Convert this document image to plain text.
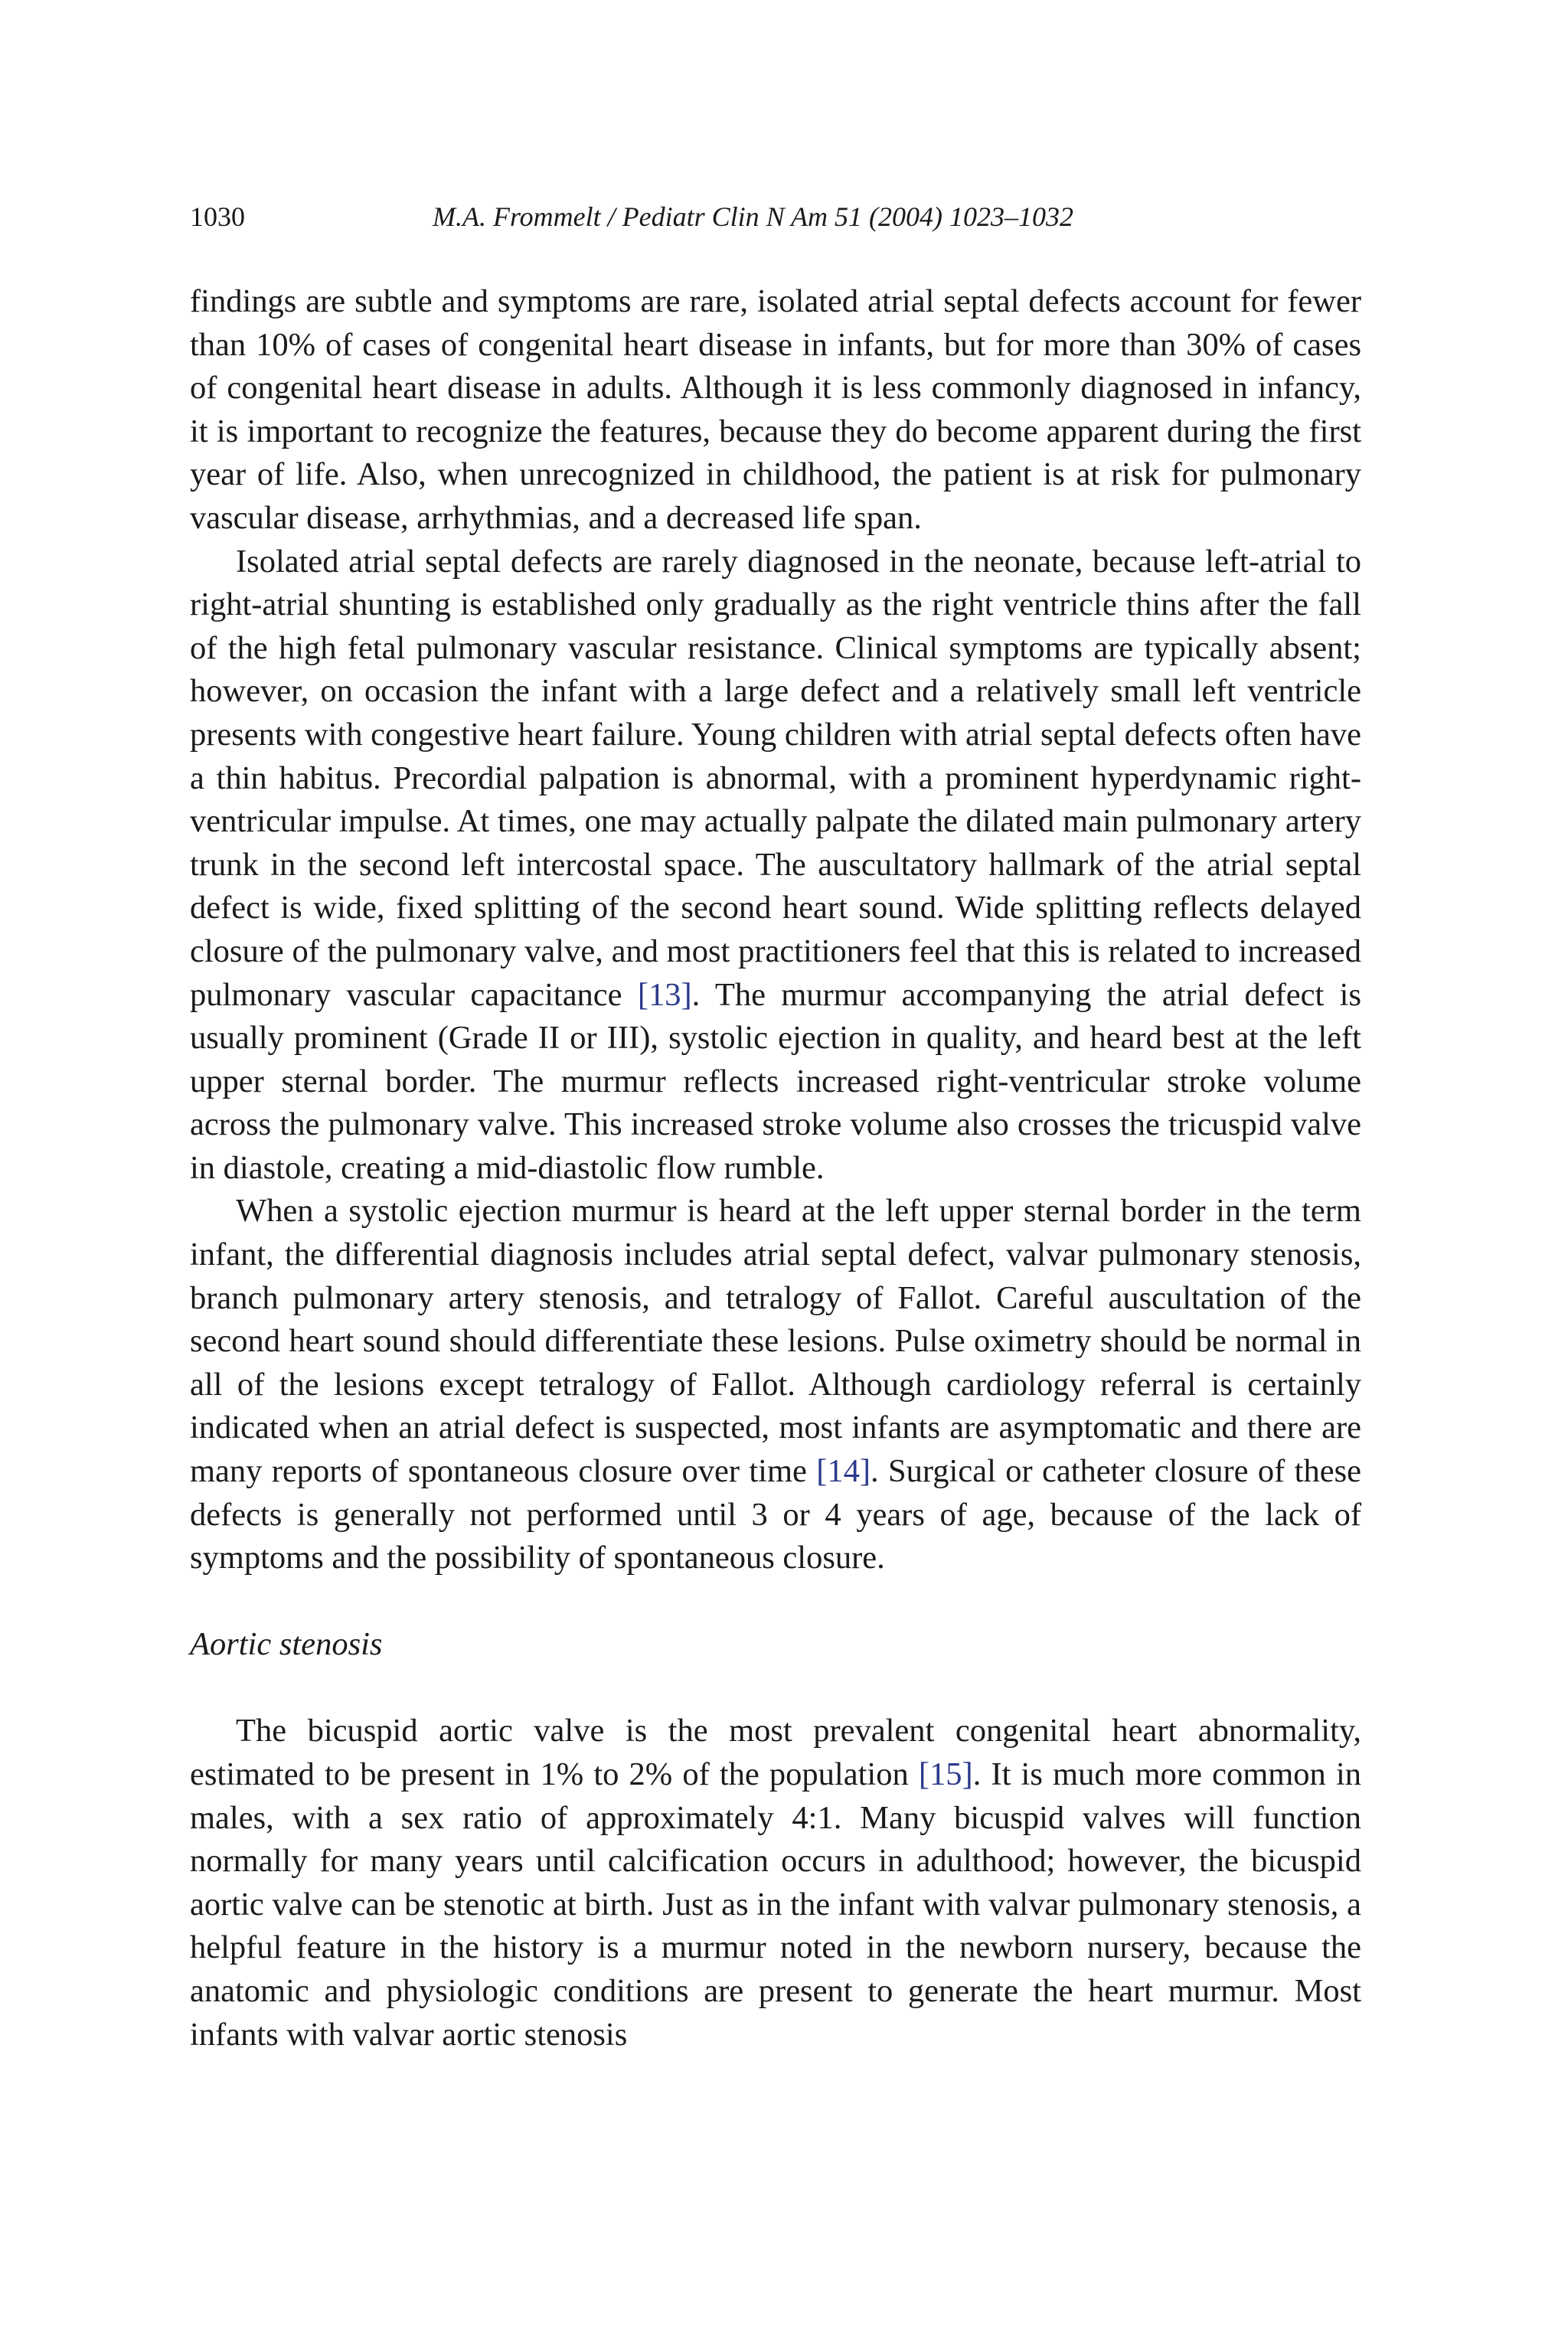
1030	M.A. Frommelt / Pediatr Clin N Am 51 (2004) 1023–1032

findings are subtle and symptoms are rare, isolated atrial septal defects account for fewer than 10% of cases of congenital heart disease in infants, but for more than 30% of cases of congenital heart disease in adults. Although it is less commonly diagnosed in infancy, it is important to recognize the features, because they do become apparent during the first year of life. Also, when unrecognized in childhood, the patient is at risk for pulmonary vascular disease, arrhythmias, and a decreased life span.

Isolated atrial septal defects are rarely diagnosed in the neonate, because left-atrial to right-atrial shunting is established only gradually as the right ventricle thins after the fall of the high fetal pulmonary vascular resistance. Clinical symptoms are typically absent; however, on occasion the infant with a large defect and a relatively small left ventricle presents with congestive heart failure. Young children with atrial septal defects often have a thin habitus. Precordial palpation is abnormal, with a prominent hyperdynamic right-ventricular impulse. At times, one may actually palpate the dilated main pulmonary artery trunk in the second left intercostal space. The auscultatory hallmark of the atrial septal defect is wide, fixed splitting of the second heart sound. Wide splitting reflects delayed closure of the pulmonary valve, and most practitioners feel that this is related to increased pulmonary vascular capacitance [13]. The murmur accompanying the atrial defect is usually prominent (Grade II or III), systolic ejection in quality, and heard best at the left upper sternal border. The murmur reflects increased right-ventricular stroke volume across the pulmonary valve. This increased stroke volume also crosses the tricuspid valve in diastole, creating a mid-diastolic flow rumble.

When a systolic ejection murmur is heard at the left upper sternal border in the term infant, the differential diagnosis includes atrial septal defect, valvar pulmonary stenosis, branch pulmonary artery stenosis, and tetralogy of Fallot. Careful auscultation of the second heart sound should differentiate these lesions. Pulse oximetry should be normal in all of the lesions except tetralogy of Fallot. Although cardiology referral is certainly indicated when an atrial defect is suspected, most infants are asymptomatic and there are many reports of spontaneous closure over time [14]. Surgical or catheter closure of these defects is generally not performed until 3 or 4 years of age, because of the lack of symptoms and the possibility of spontaneous closure.

Aortic stenosis

The bicuspid aortic valve is the most prevalent congenital heart abnormality, estimated to be present in 1% to 2% of the population [15]. It is much more common in males, with a sex ratio of approximately 4:1. Many bicuspid valves will function normally for many years until calcification occurs in adulthood; however, the bicuspid aortic valve can be stenotic at birth. Just as in the infant with valvar pulmonary stenosis, a helpful feature in the history is a murmur noted in the newborn nursery, because the anatomic and physiologic conditions are present to generate the heart murmur. Most infants with valvar aortic stenosis
